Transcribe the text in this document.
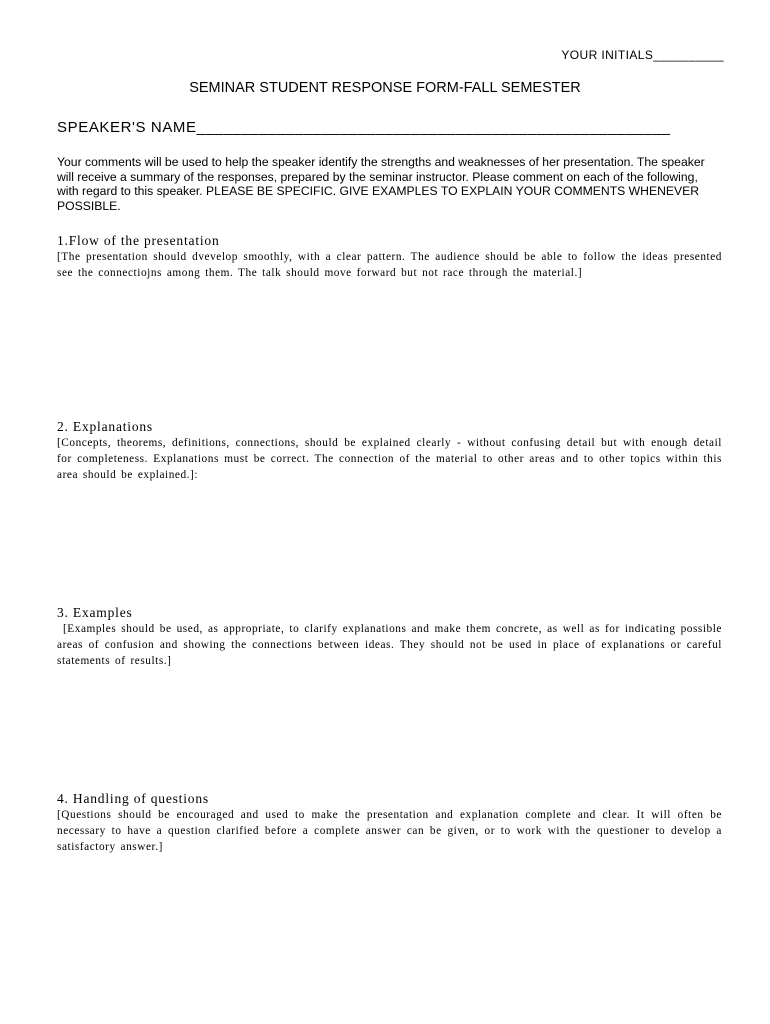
YOUR INITIALS__________
SEMINAR STUDENT RESPONSE FORM-FALL SEMESTER
SPEAKER'S NAME_____________________________________________________
Your comments will be used to help the speaker identify the strengths and weaknesses of her presentation. The speaker will receive a summary of the responses, prepared by the seminar instructor. Please comment on each of the following, with regard to this speaker. PLEASE BE SPECIFIC. GIVE EXAMPLES TO EXPLAIN YOUR COMMENTS WHENEVER POSSIBLE.
1.Flow of the presentation
[The presentation should dvevelop smoothly, with a clear pattern. The audience should be able to follow the ideas presented see the connectiojns among them. The talk should move forward but not race through the material.]
2. Explanations
[Concepts, theorems, definitions, connections, should be explained clearly - without confusing detail but with enough detail for completeness. Explanations must be correct. The connection of the material to other areas and to other topics within this area should be explained.]:
3. Examples
[Examples should be used, as appropriate, to clarify explanations and make them concrete, as well as for indicating possible areas of confusion and showing the connections between ideas. They should not be used in place of explanations or careful statements of results.]
4. Handling of questions
[Questions should be encouraged and used to make the presentation and explanation complete and clear. It will often be necessary to have a question clarified before a complete answer can be given, or to work with the questioner to develop a satisfactory answer.]
